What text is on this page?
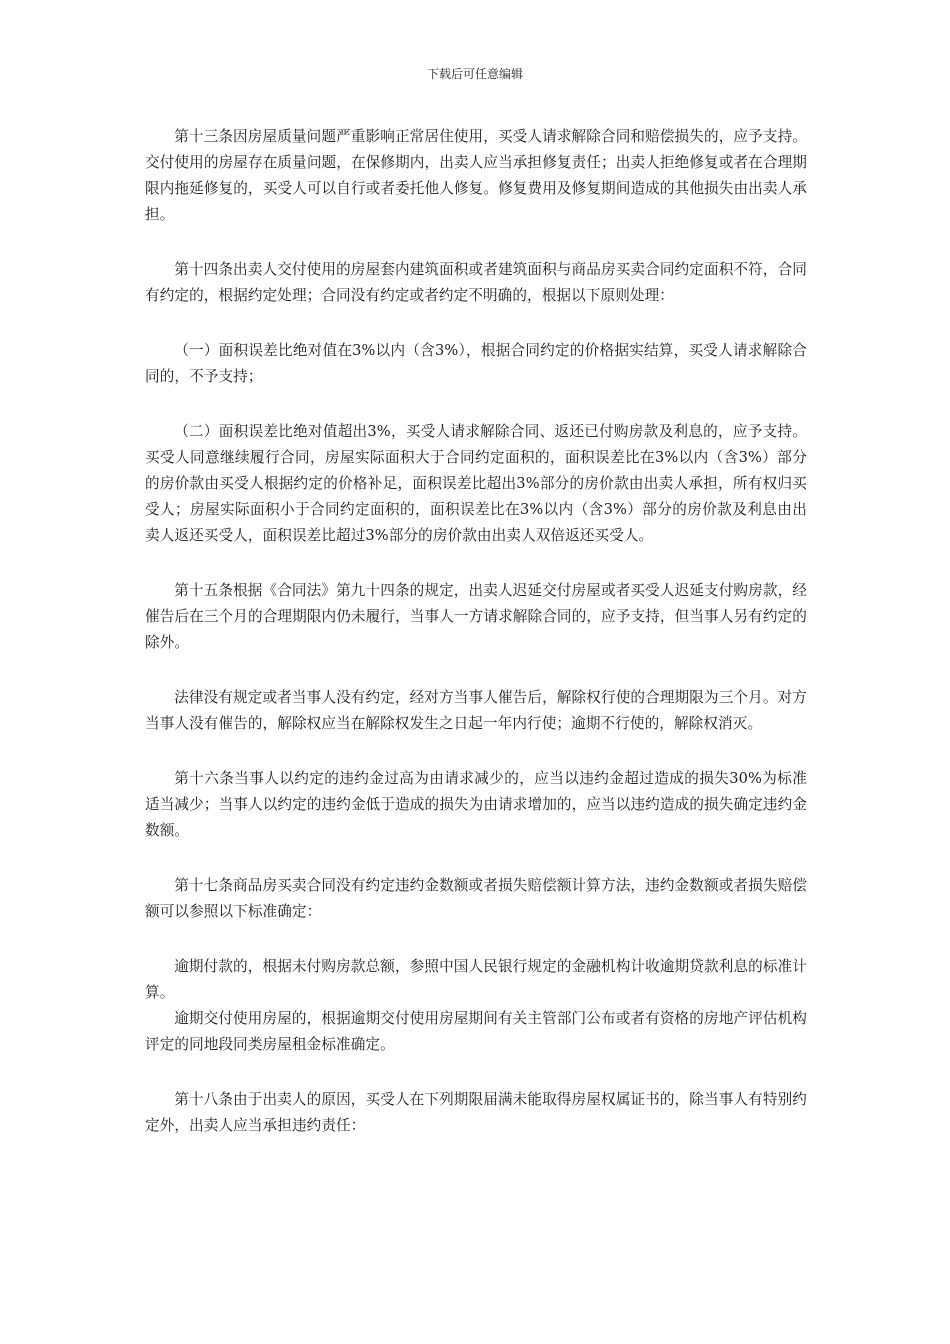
下载后可任意编辑

第十三条因房屋质量问题严重影响正常居住使用，买受人请求解除合同和赔偿损失的，应予支持。交付使用的房屋存在质量问题，在保修期内，出卖人应当承担修复责任；出卖人拒绝修复或者在合理期限内拖延修复的，买受人可以自行或者委托他人修复。修复费用及修复期间造成的其他损失由出卖人承担。

第十四条出卖人交付使用的房屋套内建筑面积或者建筑面积与商品房买卖合同约定面积不符，合同有约定的，根据约定处理；合同没有约定或者约定不明确的，根据以下原则处理：

（一）面积误差比绝对值在3%以内（含3%），根据合同约定的价格据实结算，买受人请求解除合同的，不予支持；

（二）面积误差比绝对值超出3%，买受人请求解除合同、返还已付购房款及利息的，应予支持。买受人同意继续履行合同，房屋实际面积大于合同约定面积的，面积误差比在3%以内（含3%）部分的房价款由买受人根据约定的价格补足，面积误差比超出3%部分的房价款由出卖人承担，所有权归买受人；房屋实际面积小于合同约定面积的，面积误差比在3%以内（含3%）部分的房价款及利息由出卖人返还买受人，面积误差比超过3%部分的房价款由出卖人双倍返还买受人。

第十五条根据《合同法》第九十四条的规定，出卖人迟延交付房屋或者买受人迟延支付购房款，经催告后在三个月的合理期限内仍未履行，当事人一方请求解除合同的，应予支持，但当事人另有约定的除外。

法律没有规定或者当事人没有约定，经对方当事人催告后，解除权行使的合理期限为三个月。对方当事人没有催告的，解除权应当在解除权发生之日起一年内行使；逾期不行使的，解除权消灭。

第十六条当事人以约定的违约金过高为由请求减少的，应当以违约金超过造成的损失30%为标准适当减少；当事人以约定的违约金低于造成的损失为由请求增加的，应当以违约造成的损失确定违约金数额。

第十七条商品房买卖合同没有约定违约金数额或者损失赔偿额计算方法，违约金数额或者损失赔偿额可以参照以下标准确定：

逾期付款的，根据未付购房款总额，参照中国人民银行规定的金融机构计收逾期贷款利息的标准计算。

逾期交付使用房屋的，根据逾期交付使用房屋期间有关主管部门公布或者有资格的房地产评估机构评定的同地段同类房屋租金标准确定。

第十八条由于出卖人的原因，买受人在下列期限届满未能取得房屋权属证书的，除当事人有特别约定外，出卖人应当承担违约责任：
